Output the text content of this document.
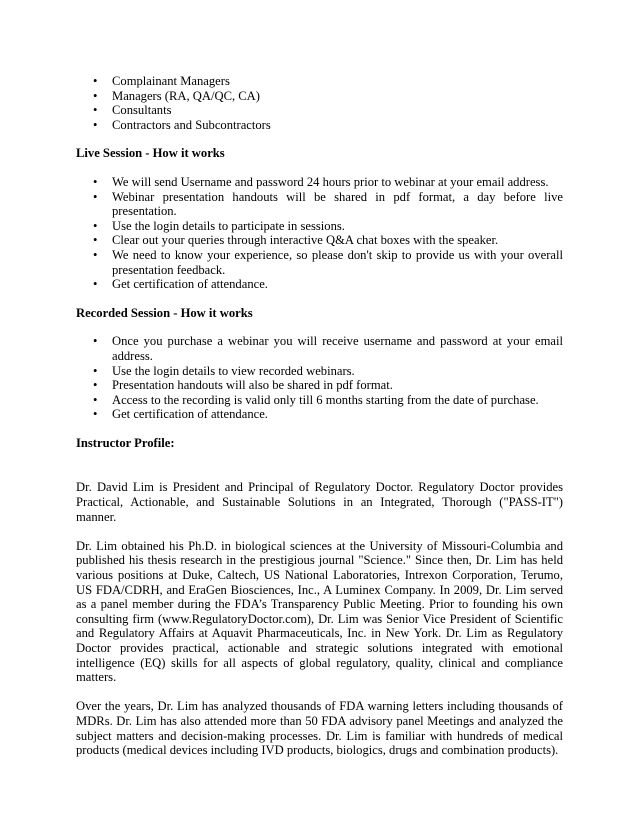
• Complainant Managers
• Managers (RA, QA/QC, CA)
• Consultants
• Contractors and Subcontractors
Live Session - How it works
• We will send Username and password 24 hours prior to webinar at your email address.
• Webinar presentation handouts will be shared in pdf format, a day before live presentation.
• Use the login details to participate in sessions.
• Clear out your queries through interactive Q&A chat boxes with the speaker.
• We need to know your experience, so please don't skip to provide us with your overall presentation feedback.
• Get certification of attendance.
Recorded Session - How it works
• Once you purchase a webinar you will receive username and password at your email address.
• Use the login details to view recorded webinars.
• Presentation handouts will also be shared in pdf format.
• Access to the recording is valid only till 6 months starting from the date of purchase.
• Get certification of attendance.
Instructor Profile:

Dr. David Lim is President and Principal of Regulatory Doctor. Regulatory Doctor provides Practical, Actionable, and Sustainable Solutions in an Integrated, Thorough ("PASS-IT") manner.

Dr. Lim obtained his Ph.D. in biological sciences at the University of Missouri-Columbia and published his thesis research in the prestigious journal "Science." Since then, Dr. Lim has held various positions at Duke, Caltech, US National Laboratories, Intrexon Corporation, Terumo, US FDA/CDRH, and EraGen Biosciences, Inc., A Luminex Company. In 2009, Dr. Lim served as a panel member during the FDA’s Transparency Public Meeting. Prior to founding his own consulting firm (www.RegulatoryDoctor.com), Dr. Lim was Senior Vice President of Scientific and Regulatory Affairs at Aquavit Pharmaceuticals, Inc. in New York. Dr. Lim as Regulatory Doctor provides practical, actionable and strategic solutions integrated with emotional intelligence (EQ) skills for all aspects of global regulatory, quality, clinical and compliance matters.

Over the years, Dr. Lim has analyzed thousands of FDA warning letters including thousands of MDRs. Dr. Lim has also attended more than 50 FDA advisory panel Meetings and analyzed the subject matters and decision-making processes. Dr. Lim is familiar with hundreds of medical products (medical devices including IVD products, biologics, drugs and combination products).
